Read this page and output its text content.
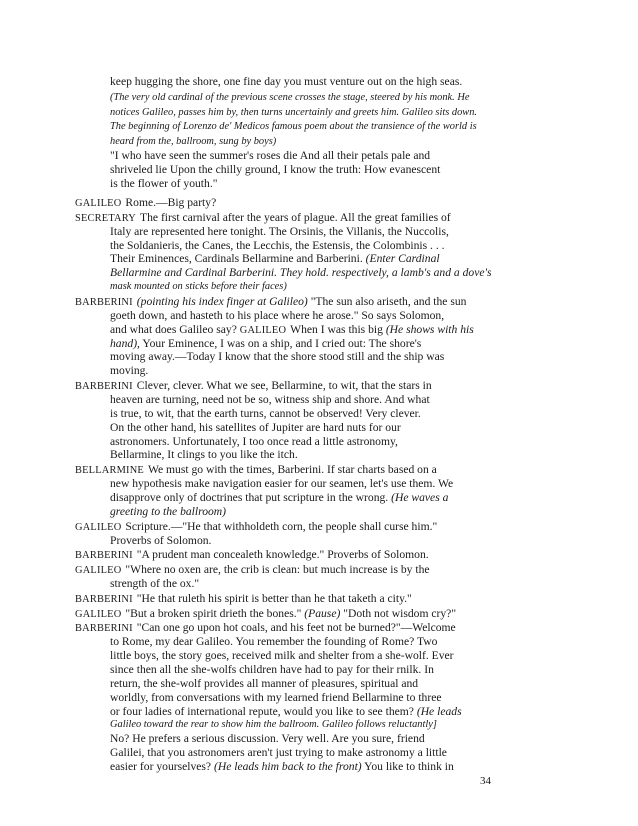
keep hugging the shore, one fine day you must venture out on the high seas.
(The very old cardinal of the previous scene crosses the stage, steered by his monk. He
notices Galileo, passes him by, then turns uncertainly and greets him. Galileo sits down.
The beginning of Lorenzo de' Medicos famous poem about the transience of the world is
heard from the, ballroom, sung by boys)
"I who have seen the summer's roses die And all their petals pale and
shriveled lie Upon the chilly ground, I know the truth: How evanescent
is the flower of youth."
GALILEO Rome.—Big party?
SECRETARY The first carnival after the years of plague. All the great families of
Italy are represented here tonight. The Orsinis, the Villanis, the Nuccolis,
the Soldanieris, the Canes, the Lecchis, the Estensis, the Colombinis . . .
Their Eminences, Cardinals Bellarmine and Barberini. (Enter Cardinal
Bellarmine and Cardinal Barberini. They hold. respectively, a lamb's and a dove's
mask mounted on sticks before their faces)
BARBERINI (pointing his index finger at Galileo) "The sun also ariseth, and the sun
goeth down, and hasteth to his place where he arose." So says Solomon,
and what does Galileo say? GALILEO When I was this big (He shows with his
hand), Your Eminence, I was on a ship, and I cried out: The shore's
moving away.—Today I know that the shore stood still and the ship was
moving.
BARBERINI Clever, clever. What we see, Bellarmine, to wit, that the stars in
heaven are turning, need not be so, witness ship and shore. And what
is true, to wit, that the earth turns, cannot be observed! Very clever.
On the other hand, his satellites of Jupiter are hard nuts for our
astronomers. Unfortunately, I too once read a little astronomy,
Bellarmine, It clings to you like the itch.
BELLARMINE We must go with the times, Barberini. If star charts based on a
new hypothesis make navigation easier for our seamen, let's use them. We
disapprove only of doctrines that put scripture in the wrong. (He waves a
greeting to the ballroom)
GALILEO Scripture.—"He that withholdeth corn, the people shall curse him."
Proverbs of Solomon.
BARBERINI "A prudent man concealeth knowledge." Proverbs of Solomon.
GALILEO "Where no oxen are, the crib is clean: but much increase is by the
strength of the ox."
BARBERINI "He that ruleth his spirit is better than he that taketh a city."
GALILEO "But a broken spirit drieth the bones." (Pause) "Doth not wisdom cry?"
BARBERINI "Can one go upon hot coals, and his feet not be burned?"—Welcome
to Rome, my dear Galileo. You remember the founding of Rome? Two
little boys, the story goes, received milk and shelter from a she-wolf. Ever
since then all the she-wolfs children have had to pay for their rnilk. In
return, the she-wolf provides all manner of pleasures, spiritual and
worldly, from conversations with my learned friend Bellarmine to three
or four ladies of international repute, would you like to see them? (He leads
Galileo toward the rear to show him the ballroom. Galileo follows reluctantly]
No? He prefers a serious discussion. Very well. Are you sure, friend
Galilei, that you astronomers aren't just trying to make astronomy a little
easier for yourselves? (He leads him back to the front) You like to think in
34
